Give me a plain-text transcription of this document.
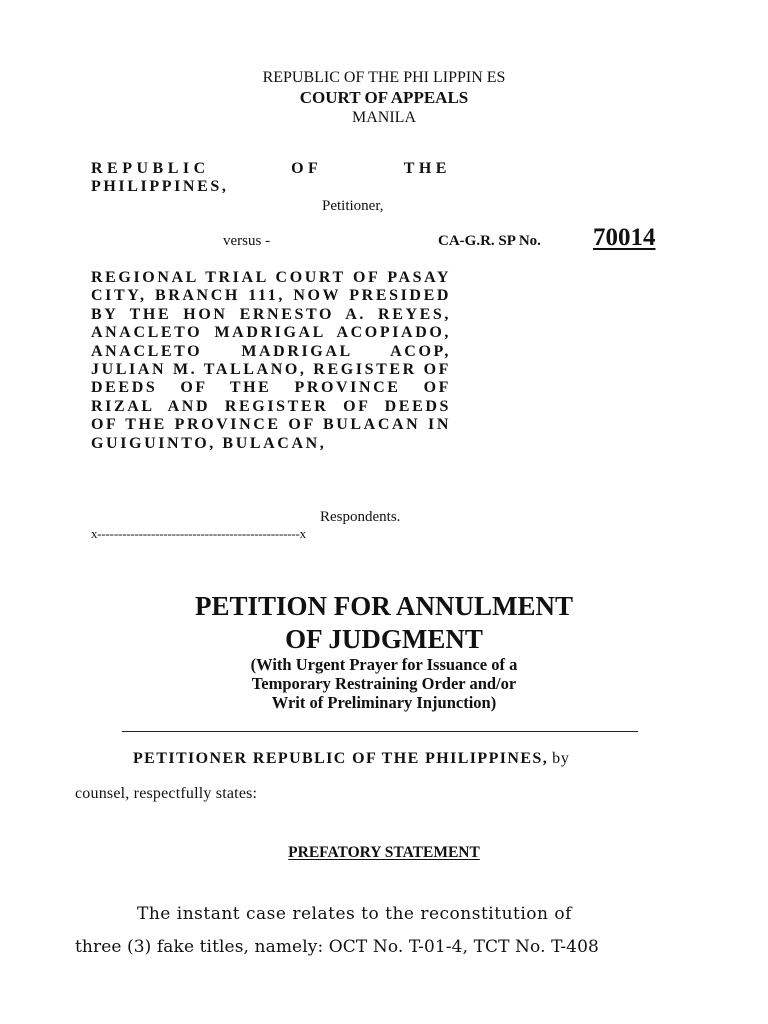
REPUBLIC OF THE PHI LIPPIN ES
COURT OF APPEALS
MANILA
REPUBLIC	OF	THE
PHILIPPINES,
Petitioner,
versus -	CA-G.R. SP No. 70014

REGIONAL TRIAL COURT OF PASAY CITY, BRANCH 111, NOW PRESIDED BY THE HON ERNESTO A. REYES, ANACLETO MADRIGAL ACOPIADO, ANACLETO MADRIGAL ACOP, JULIAN M. TALLANO, REGISTER OF DEEDS OF THE PROVINCE OF RIZAL AND REGISTER OF DEEDS OF THE PROVINCE OF BULACAN IN GUIGUINTO, BULACAN,

Respondents.
x-------------------------------------------------x
PETITION FOR ANNULMENT
OF JUDGMENT
(With Urgent Prayer for Issuance of a
Temporary Restraining Order and/or
Writ of Preliminary Injunction)
PETITIONER REPUBLIC OF THE PHILIPPINES, by
counsel, respectfully states:
PREFATORY STATEMENT
The instant case relates to the reconstitution of
three (3) fake titles, namely: OCT No. T-01-4, TCT No. T-408
